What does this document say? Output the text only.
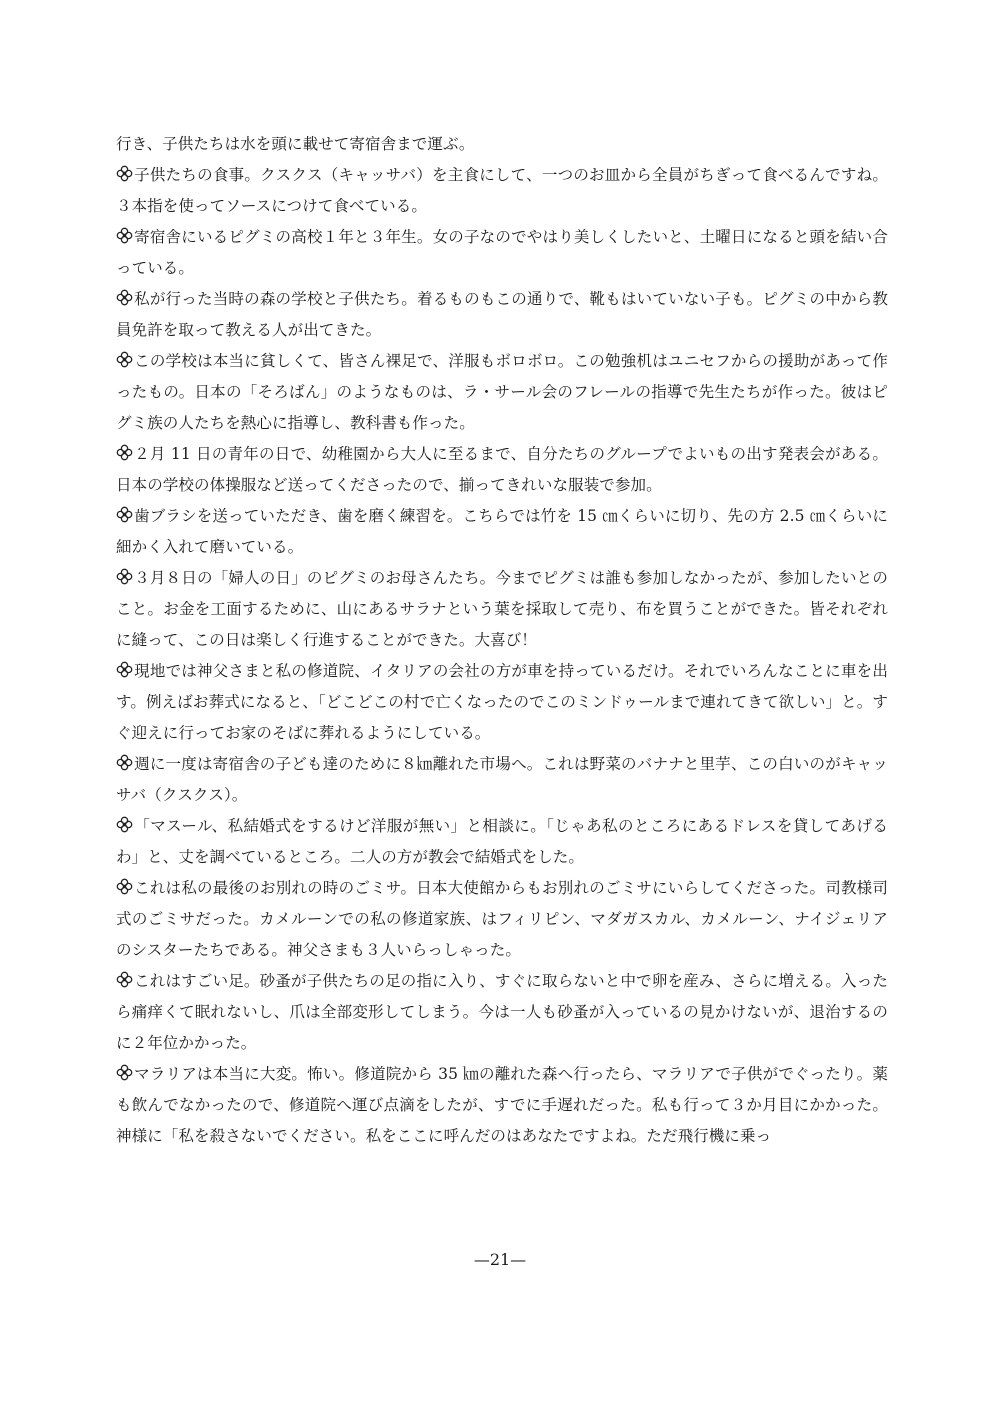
行き、子供たちは水を頭に載せて寄宿舎まで運ぶ。

子供たちの食事。クスクス（キャッサバ）を主食にして、一つのお皿から全員がちぎって食べるんですね。３本指を使ってソースにつけて食べている。

寄宿舎にいるピグミの高校１年と３年生。女の子なのでやはり美しくしたいと、土曜日になると頭を結い合っている。

私が行った当時の森の学校と子供たち。着るものもこの通りで、靴もはいていない子も。ピグミの中から教員免許を取って教える人が出てきた。

この学校は本当に貧しくて、皆さん裸足で、洋服もボロボロ。この勉強机はユニセフからの援助があって作ったもの。日本の「そろばん」のようなものは、ラ・サール会のフレールの指導で先生たちが作った。彼はピグミ族の人たちを熱心に指導し、教科書も作った。

２月 11 日の青年の日で、幼稚園から大人に至るまで、自分たちのグループでよいもの出す発表会がある。日本の学校の体操服など送ってくださったので、揃ってきれいな服装で参加。

歯ブラシを送っていただき、歯を磨く練習を。こちらでは竹を 15 ㎝くらいに切り、先の方 2.5 ㎝くらいに細かく入れて磨いている。

３月８日の「婦人の日」のピグミのお母さんたち。今までピグミは誰も参加しなかったが、参加したいとのこと。お金を工面するために、山にあるサラナという葉を採取して売り、布を買うことができた。皆それぞれに縫って、この日は楽しく行進することができた。大喜び！

現地では神父さまと私の修道院、イタリアの会社の方が車を持っているだけ。それでいろんなことに車を出す。例えばお葬式になると、「どこどこの村で亡くなったのでこのミンドゥールまで連れてきて欲しい」と。すぐ迎えに行ってお家のそばに葬れるようにしている。

週に一度は寄宿舎の子ども達のために８㎞離れた市場へ。これは野菜のバナナと里芋、この白いのがキャッサバ（クスクス）。

「マスール、私結婚式をするけど洋服が無い」と相談に。「じゃあ私のところにあるドレスを貸してあげるわ」と、丈を調べているところ。二人の方が教会で結婚式をした。

これは私の最後のお別れの時のごミサ。日本大使館からもお別れのごミサにいらしてくださった。司教様司式のごミサだった。カメルーンでの私の修道家族、はフィリピン、マダガスカル、カメルーン、ナイジェリアのシスターたちである。神父さまも３人いらっしゃった。

これはすごい足。砂蚤が子供たちの足の指に入り、すぐに取らないと中で卵を産み、さらに増える。入ったら痛痒くて眠れないし、爪は全部変形してしまう。今は一人も砂蚤が入っているの見かけないが、退治するのに２年位かかった。

マラリアは本当に大変。怖い。修道院から 35 ㎞の離れた森へ行ったら、マラリアで子供がでぐったり。薬も飲んでなかったので、修道院へ運び点滴をしたが、すでに手遅れだった。私も行って３か月目にかかった。神様に「私を殺さないでください。私をここに呼んだのはあなたですよね。ただ飛行機に乗っ

—21—
